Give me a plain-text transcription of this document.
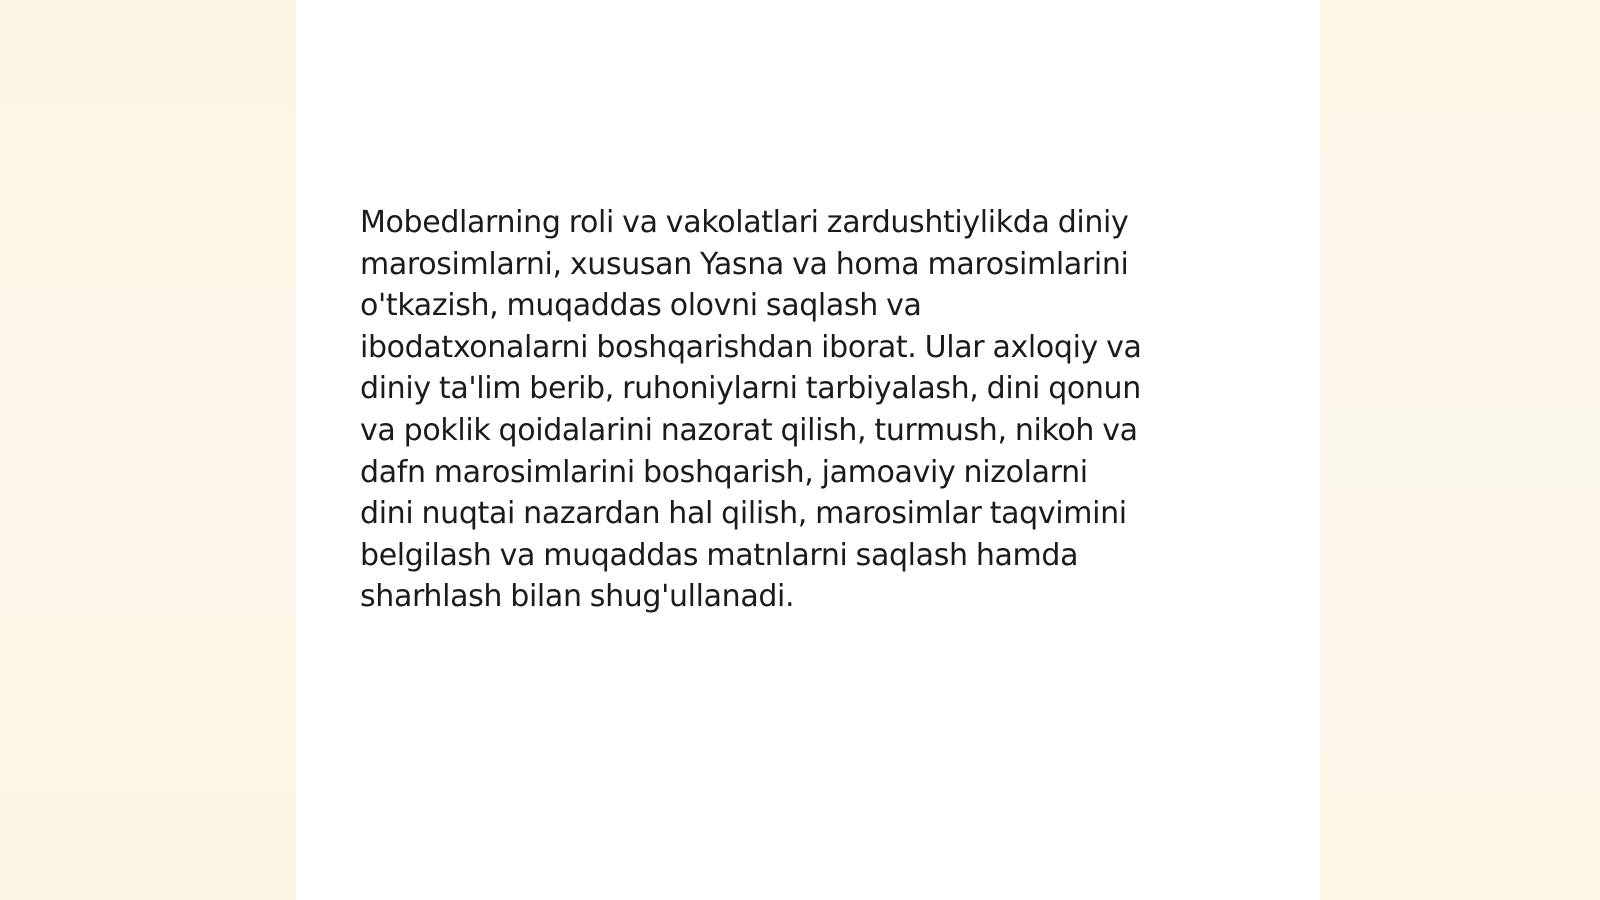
Mobedlarning roli va vakolatlari zardushtiylikda diniy
marosimlarni, xususan Yasna va homa marosimlarini
o'tkazish, muqaddas olovni saqlash va
ibodatxonalarni boshqarishdan iborat. Ular axloqiy va
diniy ta'lim berib, ruhoniylarni tarbiyalash, dini qonun
va poklik qoidalarini nazorat qilish, turmush, nikoh va
dafn marosimlarini boshqarish, jamoaviy nizolarni
dini nuqtai nazardan hal qilish, marosimlar taqvimini
belgilash va muqaddas matnlarni saqlash hamda
sharhlash bilan shug'ullanadi.
